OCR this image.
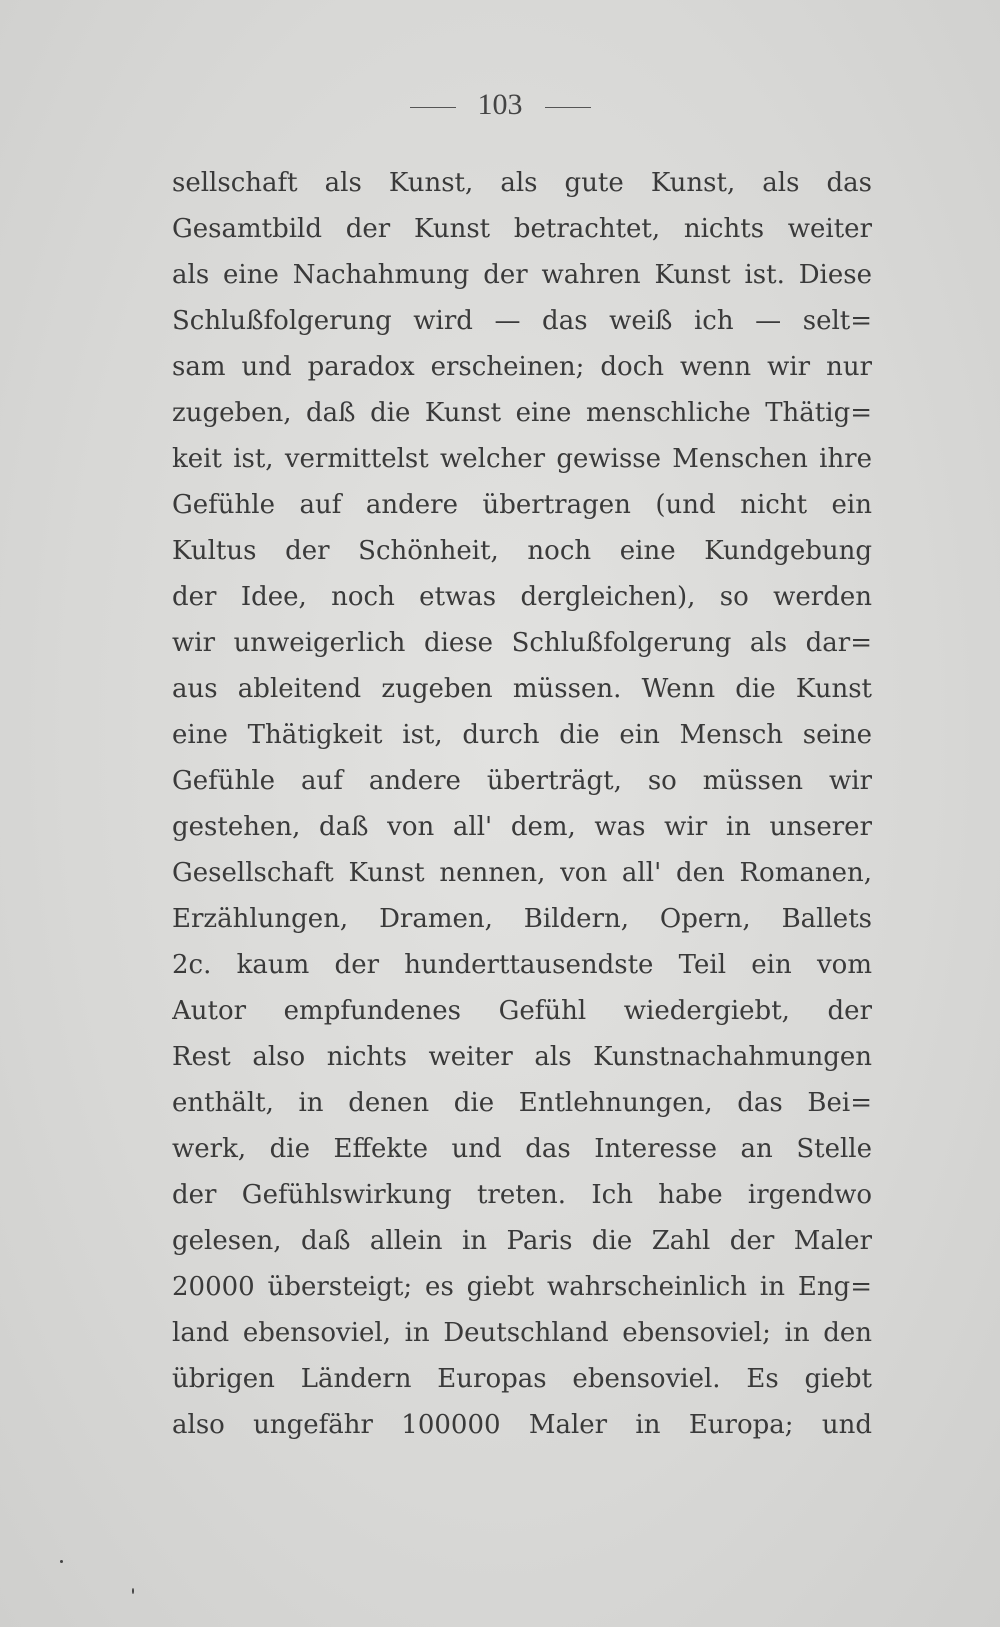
103
sellschaft als Kunst, als gute Kunst, als das
Gesamtbild der Kunst betrachtet, nichts weiter
als eine Nachahmung der wahren Kunst ist. Diese
Schlußfolgerung wird — das weiß ich — selt=
sam und paradox erscheinen; doch wenn wir nur
zugeben, daß die Kunst eine menschliche Thätig=
keit ist, vermittelst welcher gewisse Menschen ihre
Gefühle auf andere übertragen (und nicht ein
Kultus der Schönheit, noch eine Kundgebung
der Idee, noch etwas dergleichen), so werden
wir unweigerlich diese Schlußfolgerung als dar=
aus ableitend zugeben müssen. Wenn die Kunst
eine Thätigkeit ist, durch die ein Mensch seine
Gefühle auf andere überträgt, so müssen wir
gestehen, daß von all' dem, was wir in unserer
Gesellschaft Kunst nennen, von all' den Romanen,
Erzählungen, Dramen, Bildern, Opern, Ballets
2c. kaum der hunderttausendste Teil ein vom
Autor empfundenes Gefühl wiedergiebt, der
Rest also nichts weiter als Kunstnachahmungen
enthält, in denen die Entlehnungen, das Bei=
werk, die Effekte und das Interesse an Stelle
der Gefühlswirkung treten. Ich habe irgendwo
gelesen, daß allein in Paris die Zahl der Maler
20000 übersteigt; es giebt wahrscheinlich in Eng=
land ebensoviel, in Deutschland ebensoviel; in den
übrigen Ländern Europas ebensoviel. Es giebt
also ungefähr 100000 Maler in Europa; und
